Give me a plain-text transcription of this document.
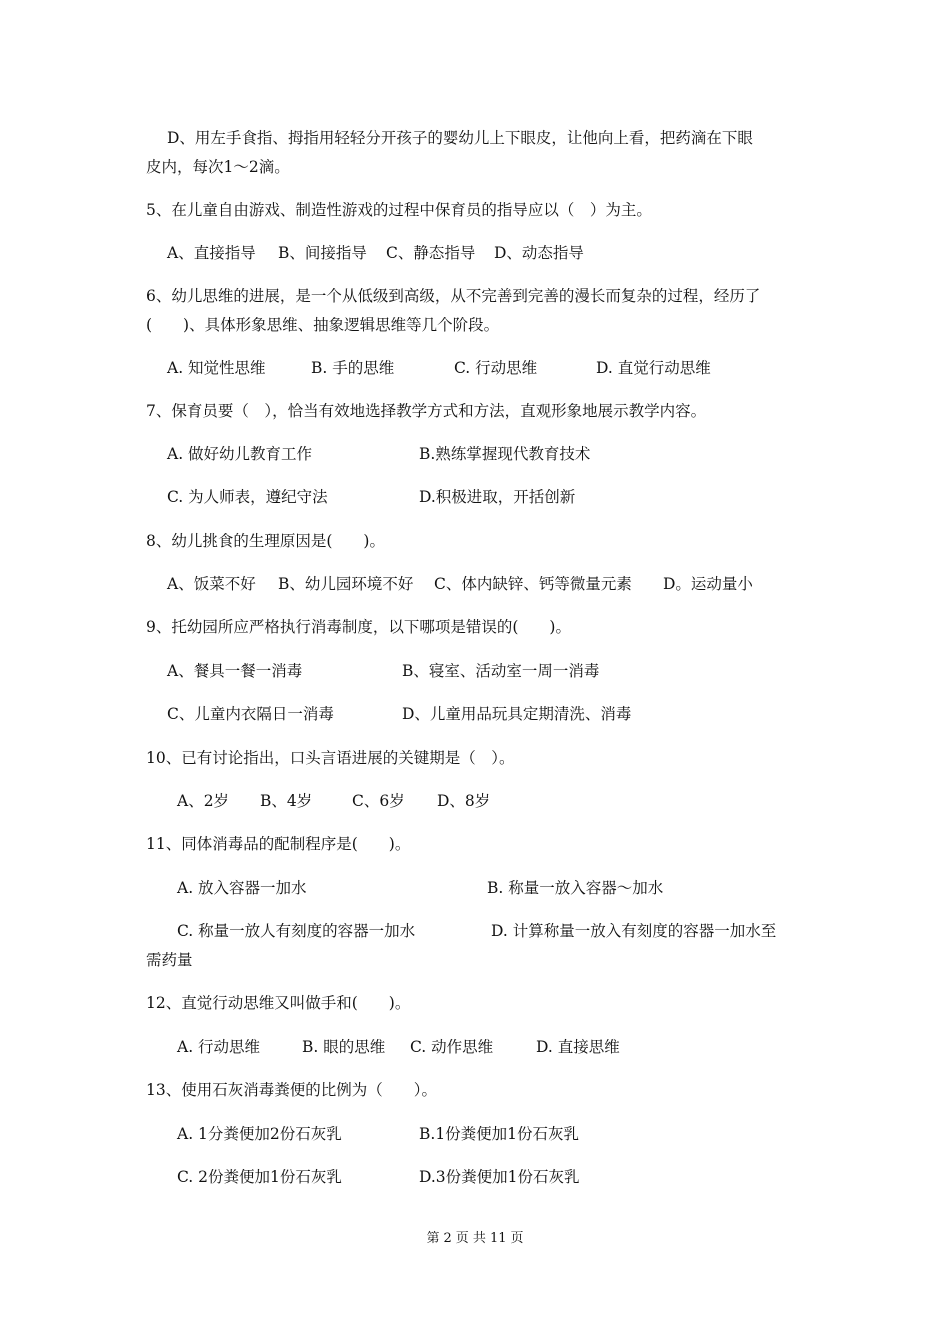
D、用左手食指、拇指用轻轻分开孩子的婴幼儿上下眼皮，让他向上看，把药滴在下眼
皮内，每次1～2滴。
5、在儿童自由游戏、制造性游戏的过程中保育员的指导应以（　）为主。
A、直接指导 B、间接指导 C、静态指导 D、动态指导
6、幼儿思维的进展，是一个从低级到高级，从不完善到完善的漫长而复杂的过程，经历了
(　　)、具体形象思维、抽象逻辑思维等几个阶段。
A. 知觉性思维	B. 手的思维	C. 行动思维	D. 直觉行动思维
7、保育员要（　），恰当有效地选择教学方式和方法，直观形象地展示教学内容。
A. 做好幼儿教育工作	B.熟练掌握现代教育技术
C. 为人师表，遵纪守法	D.积极进取，开括创新
8、幼儿挑食的生理原因是(　　)。
A、饭菜不好 B、幼儿园环境不好 C、体内缺锌、钙等微量元素 D。运动量小
9、托幼园所应严格执行消毒制度，以下哪项是错误的(　　)。
A、餐具一餐一消毒	B、寝室、活动室一周一消毒
C、儿童内衣隔日一消毒	D、儿童用品玩具定期清洗、消毒
10、已有讨论指出，口头言语进展的关键期是（　）。
A、2岁 B、4岁	C、6岁 D、8岁
11、同体消毒品的配制程序是(　　)。
A. 放入容器一加水	B. 称量一放入容器～加水
C. 称量一放人有刻度的容器一加水	D. 计算称量一放入有刻度的容器一加水至
需药量
12、直觉行动思维又叫做手和(　　)。
A. 行动思维	B. 眼的思维 C. 动作思维	D. 直接思维
13、使用石灰消毒粪便的比例为（　　）。
A. 1分粪便加2份石灰乳	B.1份粪便加1份石灰乳
C. 2份粪便加1份石灰乳	D.3份粪便加1份石灰乳
第 2 页 共 11 页
